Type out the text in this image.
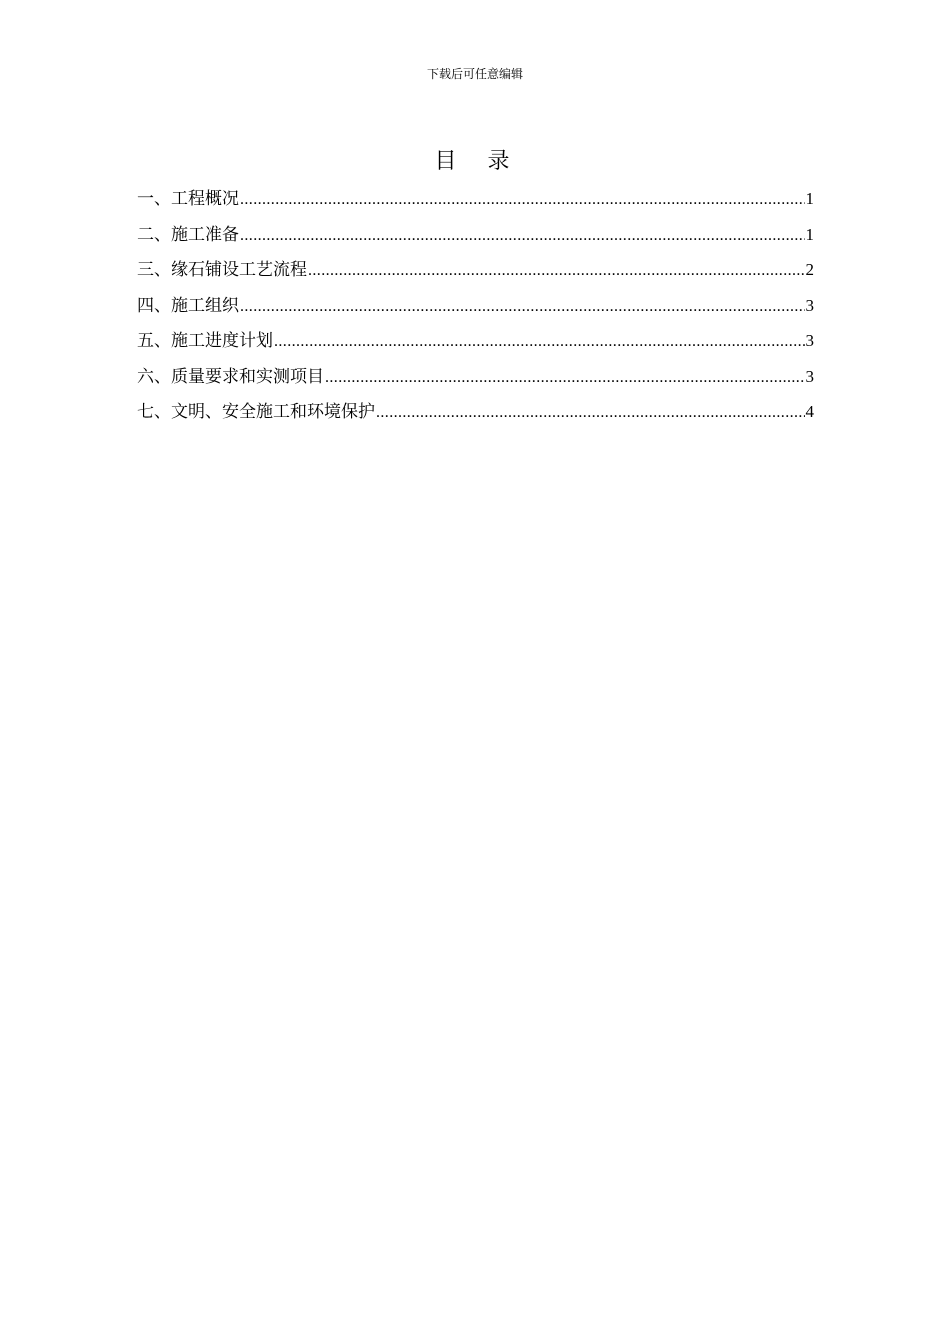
下载后可任意编辑
目 录
一、工程概况 .....	1
二、施工准备 .....	1
三、缘石铺设工艺流程 .....	2
四、施工组织 .....	3
五、施工进度计划 .....	3
六、质量要求和实测项目 .....	3
七、文明、安全施工和环境保护 .....	4
